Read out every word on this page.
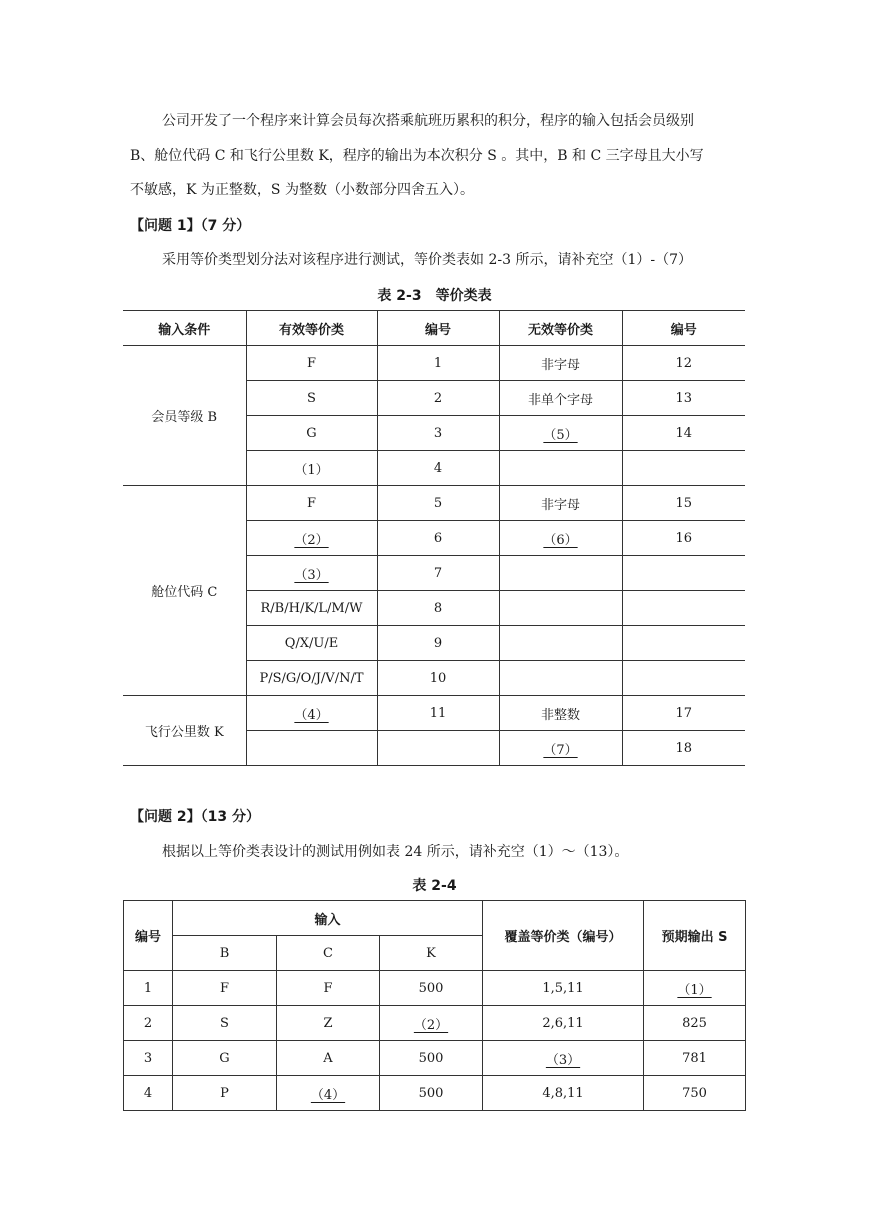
公司开发了一个程序来计算会员每次搭乘航班历累积的积分，程序的输入包括会员级别

B、舱位代码 C 和飞行公里数 K，程序的输出为本次积分 S 。其中，B 和 C 三字母且大小写
不敏感，K 为正整数，S 为整数（小数部分四舍五入）。
【问题 1】（7 分）
采用等价类型划分法对该程序进行测试，等价类表如 2-3 所示，请补充空（1）-（7）
表 2-3　等价类表
输入条件	有效等价类	编号	无效等价类	编号
会员等级 B	F	1	非字母	12
	S	2	非单个字母	13
	G	3	（5）	14
	（1）	4		
舱位代码 C	F	5	非字母	15
	（2）	6	（6）	16
	（3）	7		
	R/B/H/K/L/M/W	8		
	Q/X/U/E	9		
	P/S/G/O/J/V/N/T	10		
飞行公里数 K	（4）	11	非整数	17
			（7）	18
【问题 2】（13 分）
根据以上等价类表设计的测试用例如表 24 所示，请补充空（1）～（13）。
表 2-4
编号	输入			覆盖等价类（编号）	预期输出 S
	B	C	K		
1	F	F	500	1,5,11	（1）
2	S	Z	（2）	2,6,11	825
3	G	A	500	（3）	781
4	P	（4）	500	4,8,11	750
